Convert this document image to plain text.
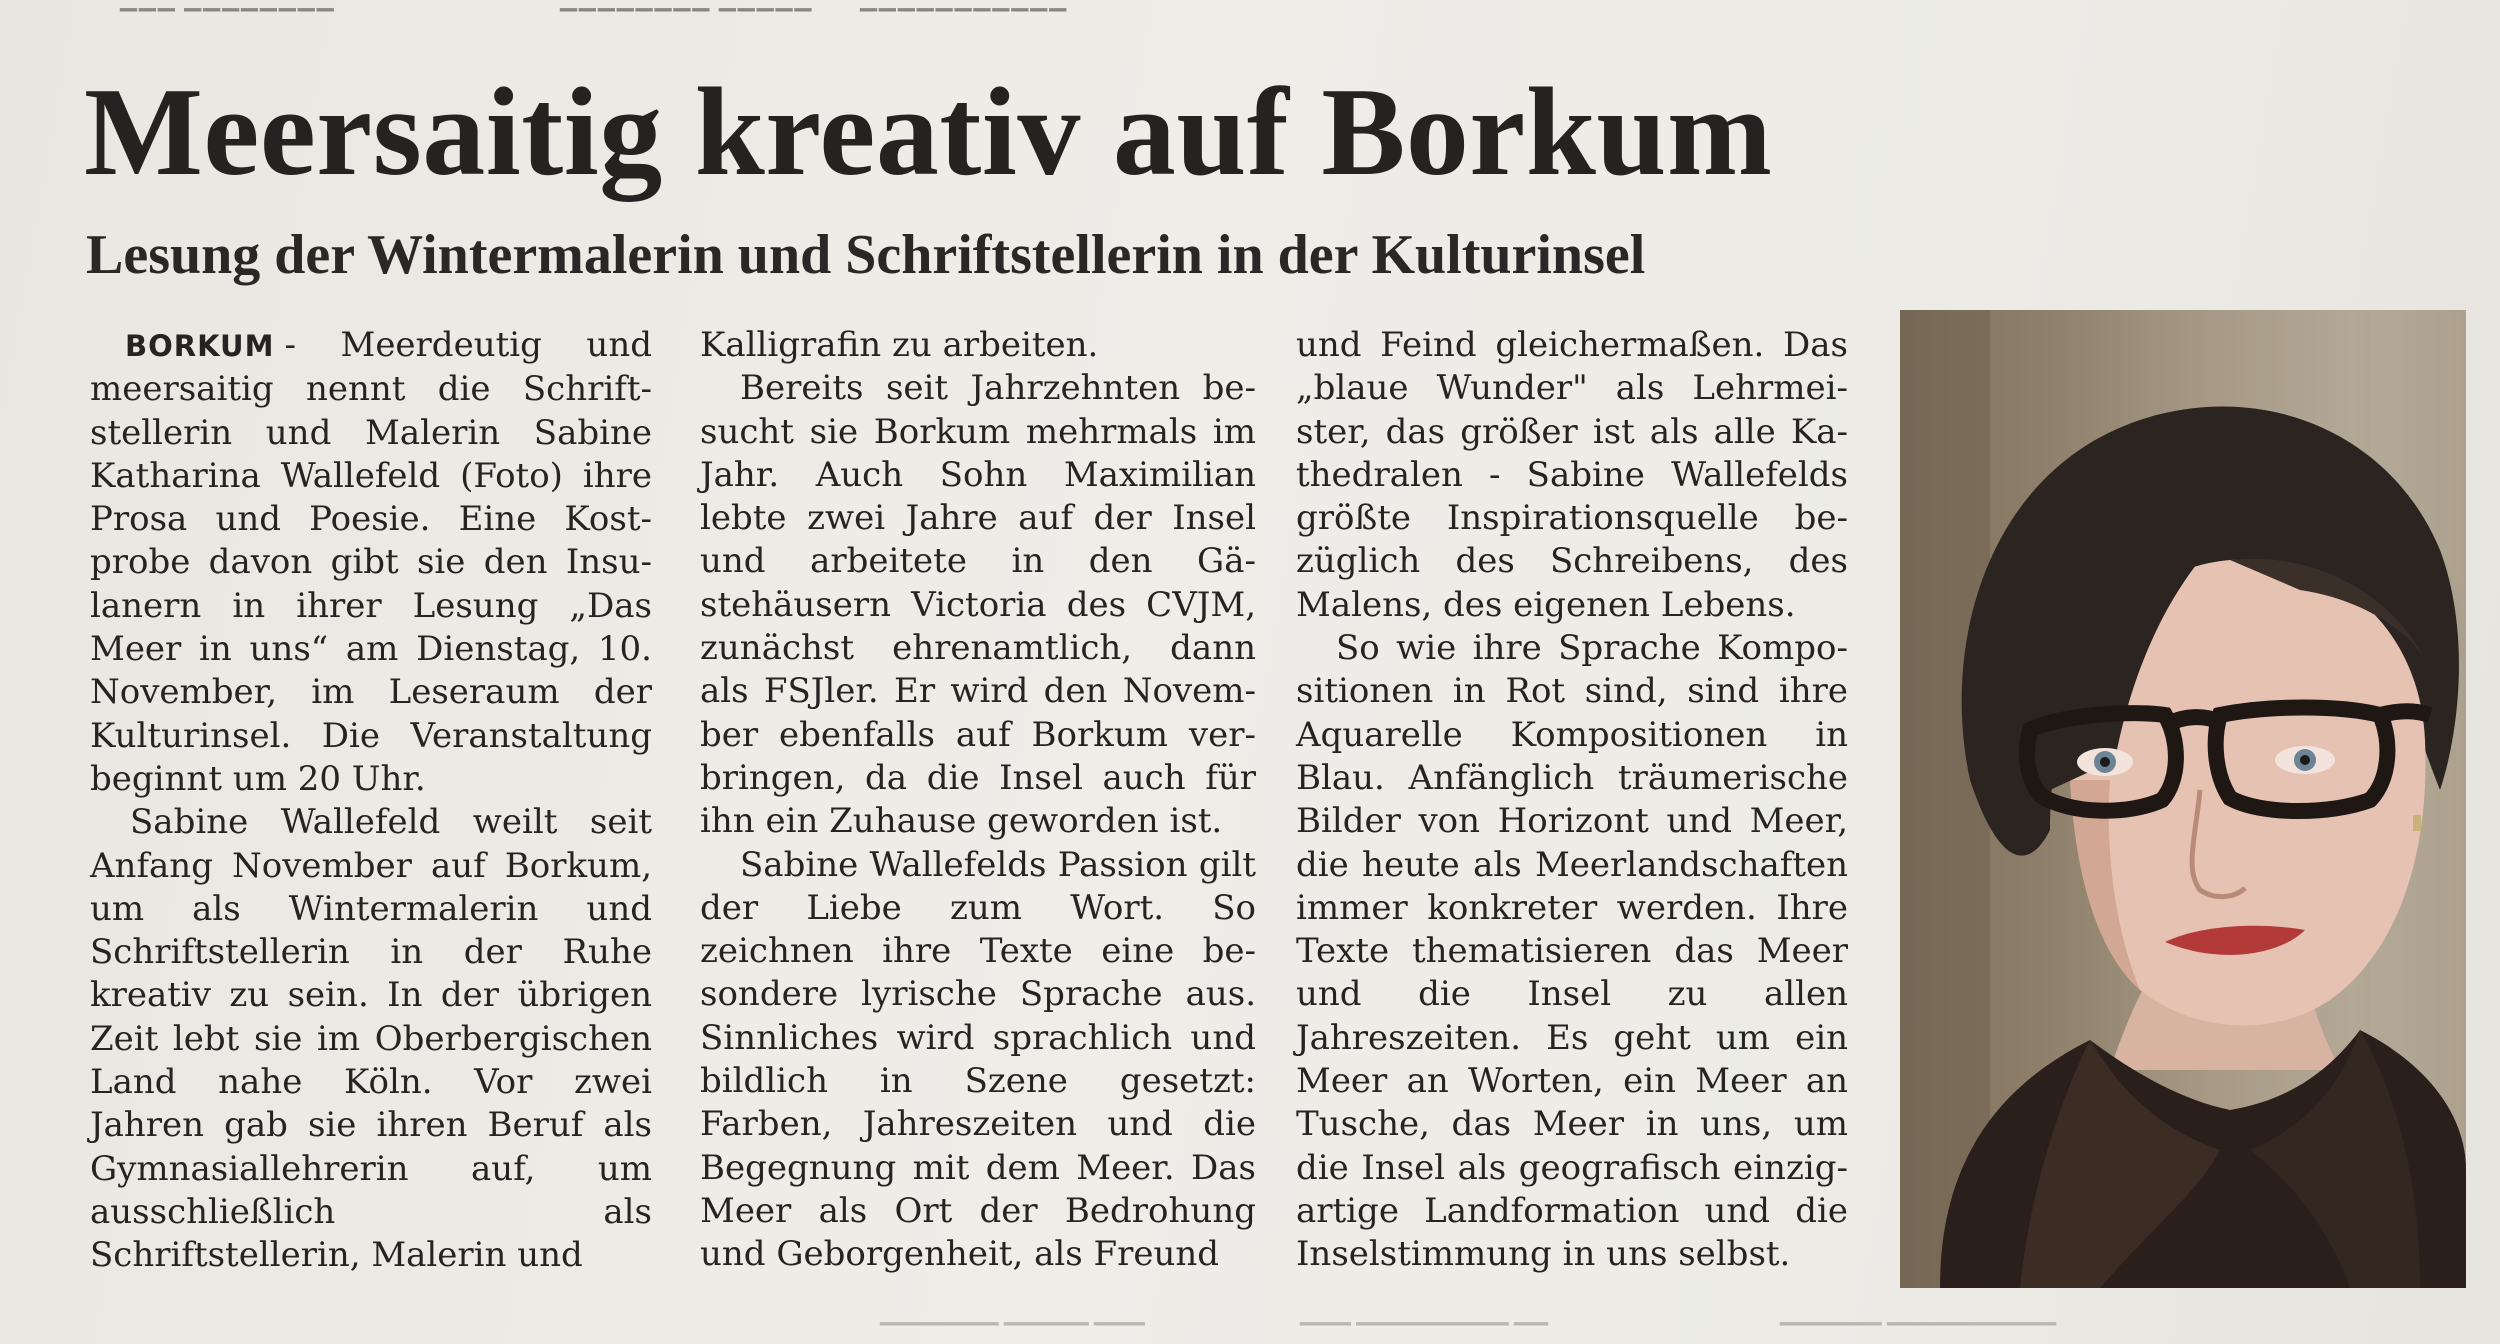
Meersaitig kreativ auf Borkum
Lesung der Wintermalerin und Schriftstellerin in der Kulturinsel

BORKUM - Meerdeutig und meersaitig nennt die Schriftstellerin und Malerin Sabine Katharina Wallefeld (Foto) ihre Prosa und Poesie. Eine Kostprobe davon gibt sie den Insulanern in ihrer Lesung „Das Meer in uns“ am Dienstag, 10. November, im Leseraum der Kulturinsel. Die Veranstaltung beginnt um 20 Uhr.

Sabine Wallefeld weilt seit Anfang November auf Borkum, um als Wintermalerin und Schriftstellerin in der Ruhe kreativ zu sein. In der übrigen Zeit lebt sie im Oberbergischen Land nahe Köln. Vor zwei Jahren gab sie ihren Beruf als Gymnasiallehrerin auf, um ausschließlich als Schriftstellerin, Malerin und

Kalligrafin zu arbeiten.

Bereits seit Jahrzehnten besucht sie Borkum mehrmals im Jahr. Auch Sohn Maximilian lebte zwei Jahre auf der Insel und arbeitete in den Gästehäusern Victoria des CVJM, zunächst ehrenamtlich, dann als FSJler. Er wird den November ebenfalls auf Borkum verbringen, da die Insel auch für ihn ein Zuhause geworden ist.

Sabine Wallefelds Passion gilt der Liebe zum Wort. So zeichnen ihre Texte eine besondere lyrische Sprache aus. Sinnliches wird sprachlich und bildlich in Szene gesetzt: Farben, Jahreszeiten und die Begegnung mit dem Meer. Das Meer als Ort der Bedrohung und Geborgenheit, als Freund

und Feind gleichermaßen. Das „blaue Wunder" als Lehrmeister, das größer ist als alle Kathedralen - Sabine Wallefelds größte Inspirationsquelle bezüglich des Schreibens, des Malens, des eigenen Lebens.

So wie ihre Sprache Kompositionen in Rot sind, sind ihre Aquarelle Kompositionen in Blau. Anfänglich träumerische Bilder von Horizont und Meer, die heute als Meerlandschaften immer konkreter werden. Ihre Texte thematisieren das Meer und die Insel zu allen Jahreszeiten. Es geht um ein Meer an Worten, ein Meer an Tusche, das Meer in uns, um die Insel als geografisch einzigartige Landformation und die Inselstimmung in uns selbst.

▁▁▁▁▁▁▁ ▁▁▁▁▁ ▁▁▁	▁▁▁ ▁▁▁▁▁▁▁▁▁ ▁▁	▁▁▁▁▁▁ ▁▁▁▁▁▁▁▁▁▁
